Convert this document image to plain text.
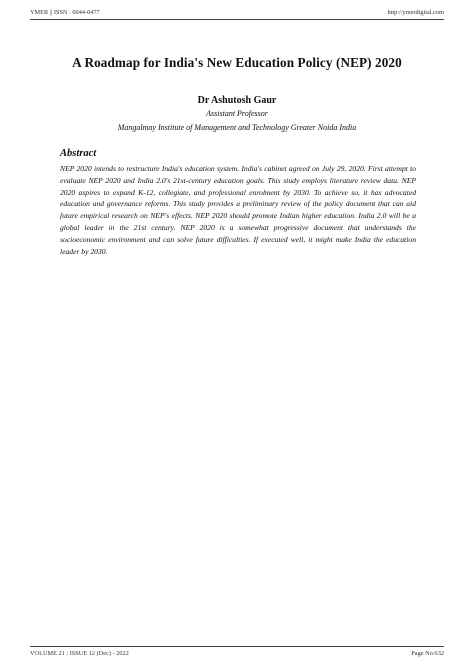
YMER || ISSN : 0044-0477	http://ymerdigital.com
A Roadmap for India's New Education Policy (NEP) 2020
Dr Ashutosh Gaur
Assistant Professor
Mangalmay Institute of Management and Technology Greater Noida India
Abstract
NEP 2020 intends to restructure India's education system. India's cabinet agreed on July 29, 2020. First attempt to evaluate NEP 2020 and India 2.0's 21st-century education goals. This study employs literature review data. NEP 2020 aspires to expand K-12, collegiate, and professional enrolment by 2030. To achieve so, it has advocated education and governance reforms. This study provides a preliminary review of the policy document that can aid future empirical research on NEP's effects. NEP 2020 should promote Indian higher education. India 2.0 will be a global leader in the 21st century. NEP 2020 is a somewhat progressive document that understands the socioeconomic environment and can solve future difficulties. If executed well, it might make India the education leader by 2030.
VOLUME 21 : ISSUE 12 (Dec) - 2022	Page No:632
